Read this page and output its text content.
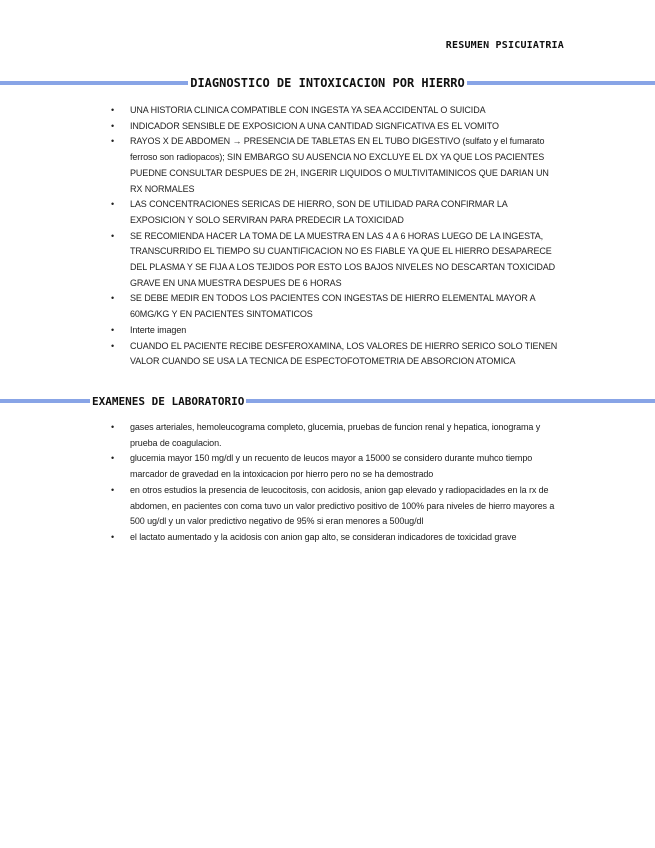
RESUMEN PSICUIATRIA
DIAGNOSTICO DE INTOXICACION POR HIERRO
• UNA HISTORIA CLINICA COMPATIBLE CON INGESTA YA SEA ACCIDENTAL O SUICIDA
• INDICADOR SENSIBLE DE EXPOSICION A UNA CANTIDAD SIGNFICATIVA ES EL VOMITO
• RAYOS X DE ABDOMEN → PRESENCIA DE TABLETAS EN EL TUBO DIGESTIVO (sulfato y el fumarato ferroso son radiopacos); SIN EMBARGO SU AUSENCIA NO EXCLUYE EL DX YA QUE LOS PACIENTES PUEDNE CONSULTAR DESPUES DE 2H, INGERIR LIQUIDOS O MULTIVITAMINICOS QUE DARIAN UN RX NORMALES
• LAS CONCENTRACIONES SERICAS DE HIERRO, SON DE UTILIDAD PARA CONFIRMAR LA EXPOSICION Y SOLO SERVIRAN PARA PREDECIR LA TOXICIDAD
• SE RECOMIENDA HACER LA TOMA DE LA MUESTRA EN LAS 4 A 6 HORAS LUEGO DE LA INGESTA, TRANSCURRIDO EL TIEMPO SU CUANTIFICACION NO ES FIABLE YA QUE EL HIERRO DESAPARECE DEL PLASMA Y SE FIJA A LOS TEJIDOS POR ESTO LOS BAJOS NIVELES NO DESCARTAN TOXICIDAD GRAVE EN UNA MUESTRA DESPUES DE 6 HORAS
• SE DEBE MEDIR EN TODOS LOS PACIENTES CON INGESTAS DE HIERRO ELEMENTAL MAYOR A 60MG/KG Y EN PACIENTES SINTOMATICOS
• Interte imagen
• CUANDO EL PACIENTE RECIBE DESFEROXAMINA, LOS VALORES DE HIERRO SERICO SOLO TIENEN VALOR CUANDO SE USA LA TECNICA DE ESPECTOFOTOMETRIA DE ABSORCION ATOMICA
EXAMENES DE LABORATORIO
• gases arteriales, hemoleucograma completo, glucemia, pruebas de funcion renal y hepatica, ionograma y prueba de coagulacion.
• glucemia mayor 150 mg/dl y un recuento de leucos mayor a 15000 se considero durante muhco tiempo marcador de gravedad en la intoxicacion por hierro pero no se ha demostrado
• en otros estudios la presencia de leucocitosis, con acidosis, anion gap elevado y radiopacidades en la rx de abdomen, en pacientes con coma tuvo un valor predictivo positivo de 100% para niveles de hierro mayores a 500 ug/dl y un valor predictivo negativo de 95% si eran menores a 500ug/dl
• el lactato aumentado y la acidosis con anion gap alto, se consideran indicadores de toxicidad grave
